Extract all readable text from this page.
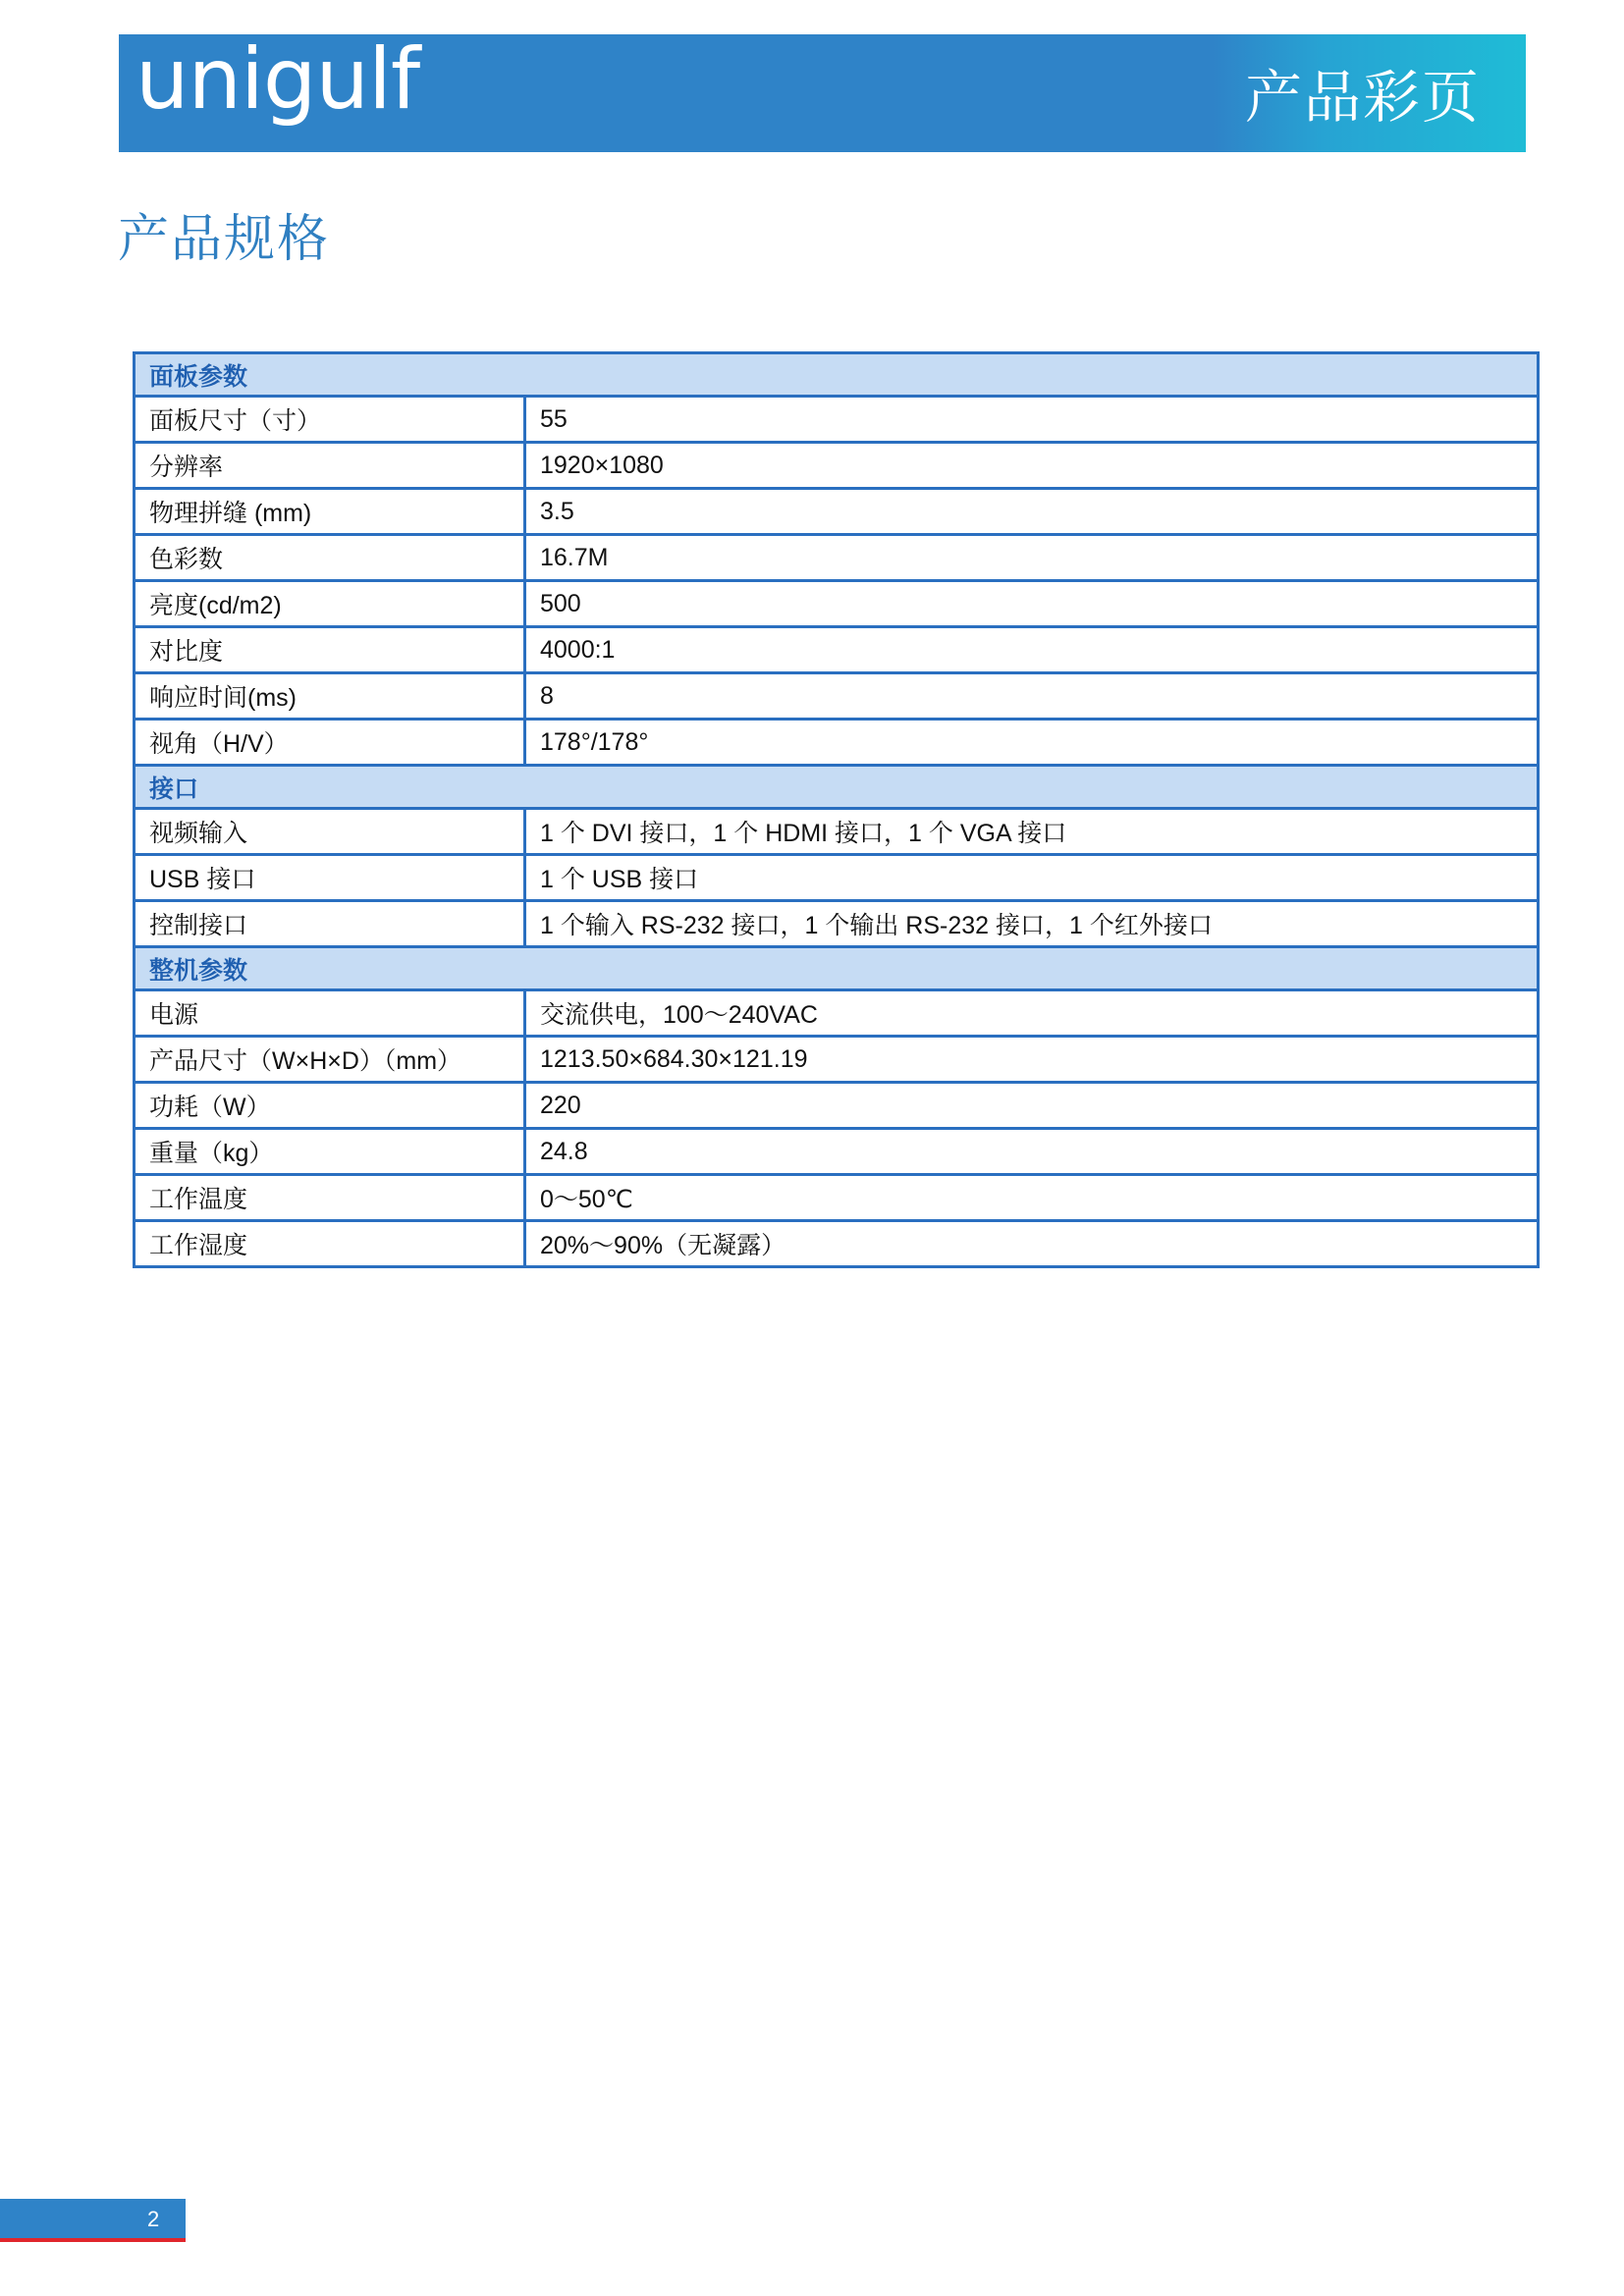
unigulf	产品彩页
产品规格
面板参数	
面板尺寸（寸）	55
分辨率	1920×1080
物理拼缝 (mm)	3.5
色彩数	16.7M
亮度(cd/m2)	500
对比度	4000:1
响应时间(ms)	8
视角（H/V）	178°/178°
接口	
视频输入	1 个 DVI 接口，1 个 HDMI 接口，1 个 VGA 接口
USB 接口	1 个 USB 接口
控制接口	1 个输入 RS-232 接口，1 个输出 RS-232 接口，1 个红外接口
整机参数	
电源	交流供电，100～240VAC
产品尺寸（W×H×D）（mm）	1213.50×684.30×121.19
功耗（W）	220
重量（kg）	24.8
工作温度	0～50℃
工作湿度	20%～90%（无凝露）
2
